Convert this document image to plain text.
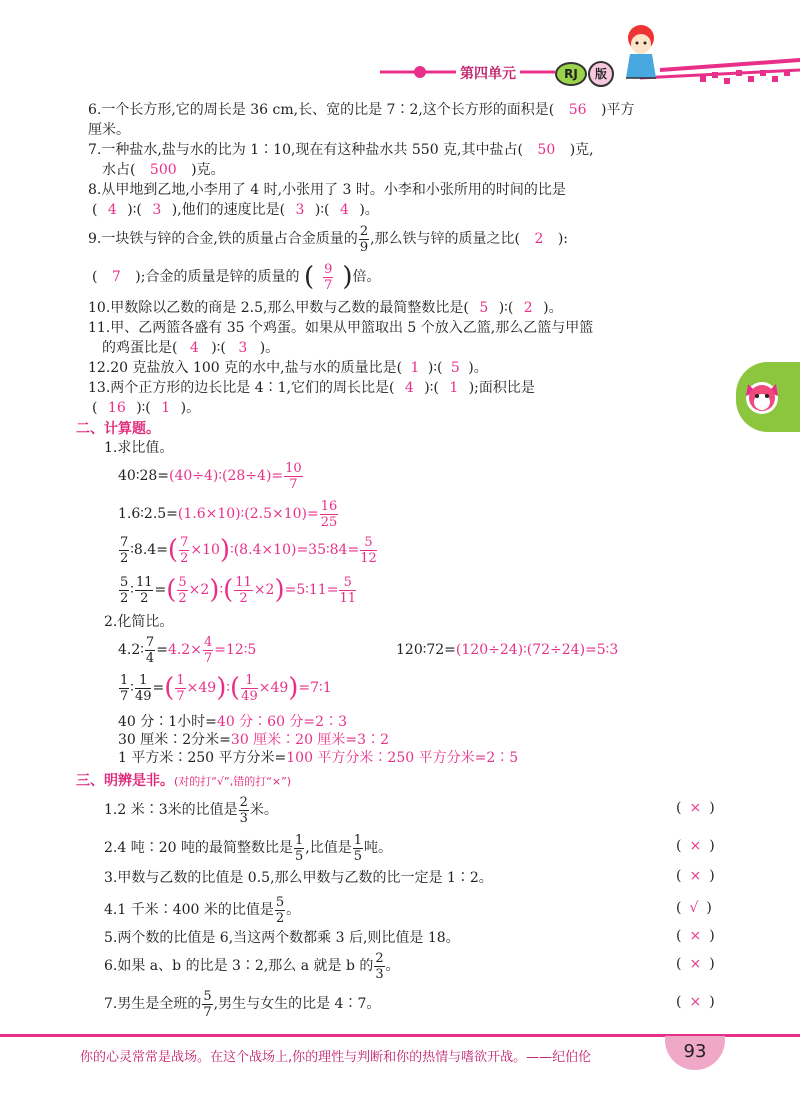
第四单元	RJ	版
6.一个长方形,它的周长是 36 cm,长、宽的比是 7∶2,这个长方形的面积是( 56 )平方
厘米。
7.一种盐水,盐与水的比为 1∶10,现在有这种盐水共 550 克,其中盐占( 50 )克,
水占( 500 )克。
8.从甲地到乙地,小李用了 4 时,小张用了 3 时。小李和小张所用的时间的比是
( 4 )∶( 3 ),他们的速度比是( 3 )∶( 4 )。
9.一块铁与锌的合金,铁的质量占合金质量的 $\frac{2}{9}$ ,那么铁与锌的质量之比( 2 ):
( 7 );合金的质量是锌的质量的 ( $\frac{9}{7}$ )倍。
10.甲数除以乙数的商是 2.5,那么甲数与乙数的最简整数比是( 5 )∶( 2 )。
11.甲、乙两篮各盛有 35 个鸡蛋。如果从甲篮取出 5 个放入乙篮,那么乙篮与甲篮
的鸡蛋比是( 4 )∶( 3 )。
12.20 克盐放入 100 克的水中,盐与水的质量比是( 1 )∶( 5 )。
13.两个正方形的边长比是 4∶1,它们的周长比是( 4 )∶( 1 );面积比是
( 16 )∶( 1 )。
二、计算题。
1.求比值。
40∶28=(40÷4)∶(28÷4)= $\frac{10}{7}$
1.6∶2.5=(1.6×10)∶(2.5×10)= $\frac{16}{25}$
$\frac{7}{2}$ ∶8.4=( $\frac{7}{2}$ ×10)∶(8.4×10)=35∶84= $\frac{5}{12}$
$\frac{5}{2}$ ∶ $\frac{11}{2}$ =( $\frac{5}{2}$ ×2)∶( $\frac{11}{2}$ ×2)=5∶11= $\frac{5}{11}$
2.化简比。
4.2∶ $\frac{7}{4} =4.2\times \frac{4}{7}$ =12∶5	120∶72=(120÷24)∶(72÷24)=5∶3
$\frac{1}{7}$ ∶ $\frac{1}{49}$ =( $\frac{1}{7}$ ×49)∶( $\frac{1}{49}$ ×49)=7∶1
40 分∶1小时=40 分∶60 分=2∶3
30 厘米∶2分米=30 厘米∶20 厘米=3∶2
1 平方米∶250 平方分米=100 平方分米∶250 平方分米=2∶5
三、明辨是非。(对的打“√”,错的打“×”)
1.2 米∶3米的比值是 $\frac{2}{3}$ 米。	( × )
2.4 吨∶20 吨的最简整数比是 $\frac{1}{5}$ ,比值是 $\frac{1}{5}$ 吨。	( × )
3.甲数与乙数的比值是 0.5,那么甲数与乙数的比一定是 1∶2。	( × )
4.1 千米∶400 米的比值是 $\frac{5}{2}$ 。	( √ )
5.两个数的比值是 6,当这两个数都乘 3 后,则比值是 18。	( × )
6.如果 a、b 的比是 3∶2,那么 a 就是 b 的 $\frac{2}{3}$ 。	( × )
7.男生是全班的 $\frac{5}{7}$ ,男生与女生的比是 4∶7。	( × )
你的心灵常常是战场。在这个战场上,你的理性与判断和你的热情与嗜欲开战。——纪伯伦	93
